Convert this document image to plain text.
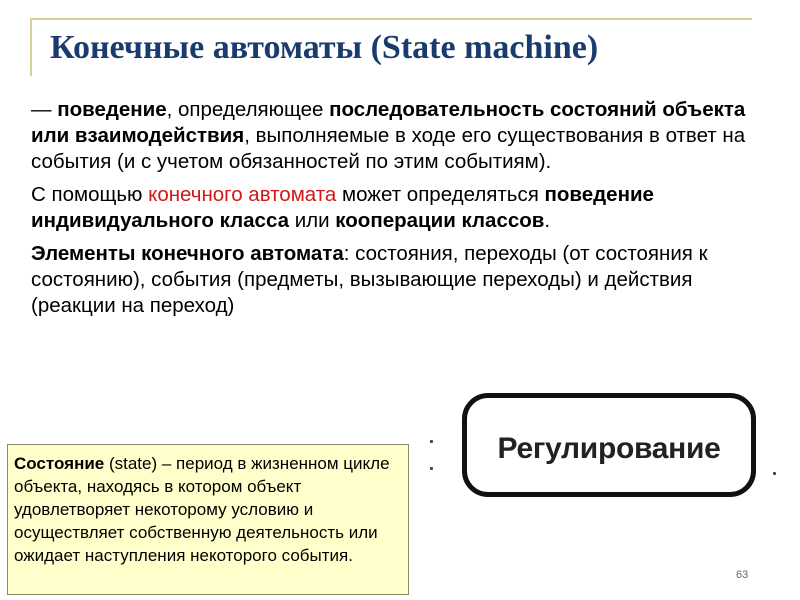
Конечные автоматы (State machine)

— поведение, определяющее последовательность состояний объекта или взаимодействия, выполняемые в ходе его существования в ответ на события (и с учетом обязанностей по этим событиям).

С помощью конечного автомата может определяться поведение индивидуального класса или кооперации классов.

Элементы конечного автомата: состояния, переходы (от состояния к состоянию), события (предметы, вызывающие переходы) и действия (реакции на переход)

Регулирование
Состояние (state) – период в жизненном цикле объекта, находясь в котором объект удовлетворяет некоторому условию и осуществляет собственную деятельность или ожидает наступления некоторого события.
63
